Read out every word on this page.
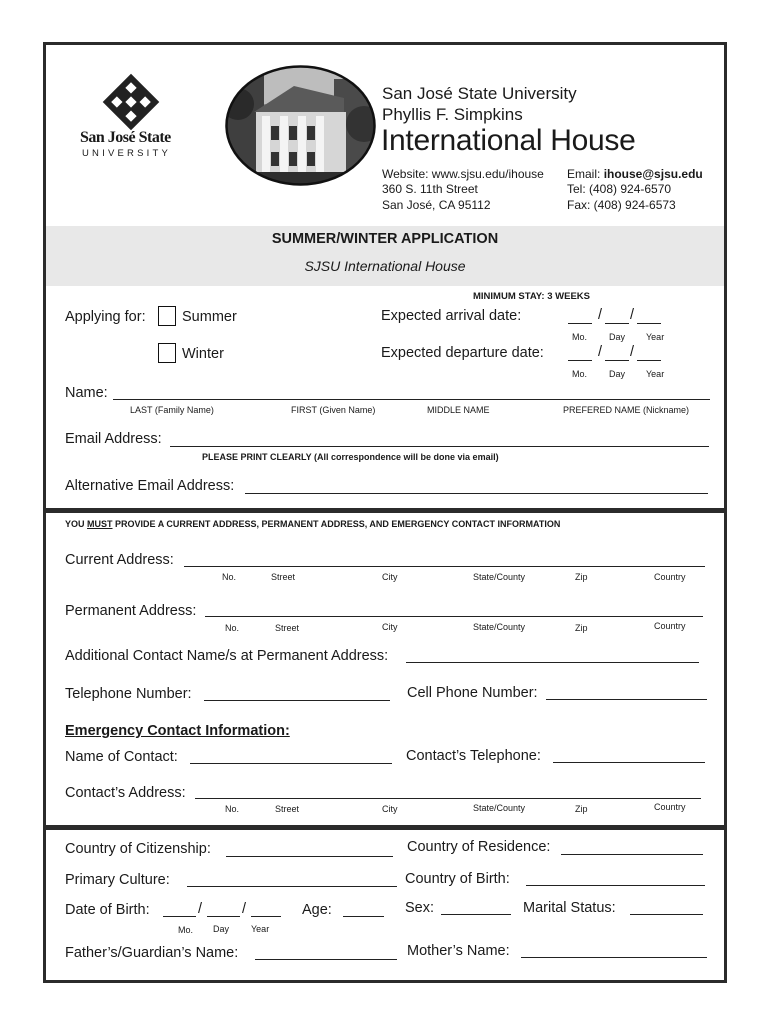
San José State
UNIVERSITY
San José State University
Phyllis F. Simpkins
International House
Website: www.sjsu.edu/ihouse
360 S. 11th Street
San José, CA 95112
Email: ihouse@sjsu.edu
Tel: (408) 924-6570
Fax: (408) 924-6573
SUMMER/WINTER APPLICATION
SJSU International House
MINIMUM STAY: 3 WEEKS
Applying for:	Summer
Winter
Expected arrival date:	/ /
Mo. Day Year
Expected departure date:	/ /
Mo. Day Year
Name:
LAST (Family Name)	FIRST (Given Name)	MIDDLE NAME	PREFERED NAME (Nickname)
Email Address:
PLEASE PRINT CLEARLY (All correspondence will be done via email)
Alternative Email Address:
YOU MUST PROVIDE A CURRENT ADDRESS, PERMANENT ADDRESS, AND EMERGENCY CONTACT INFORMATION
Current Address:
No.	Street	City	State/County	Zip	Country
Permanent Address:
No.	Street	City	State/County	Zip	Country
Additional Contact Name/s at Permanent Address:
Telephone Number:	Cell Phone Number:
Emergency Contact Information:
Name of Contact:	Contact’s Telephone:
Contact’s Address:
No.	Street	City	State/County	Zip	Country
Country of Citizenship:	Country of Residence:
Primary Culture:	Country of Birth:
Date of Birth:	/	/
Mo. Day Year
Age:	Sex:	Marital Status:
Father’s/Guardian’s Name:	Mother’s Name:
